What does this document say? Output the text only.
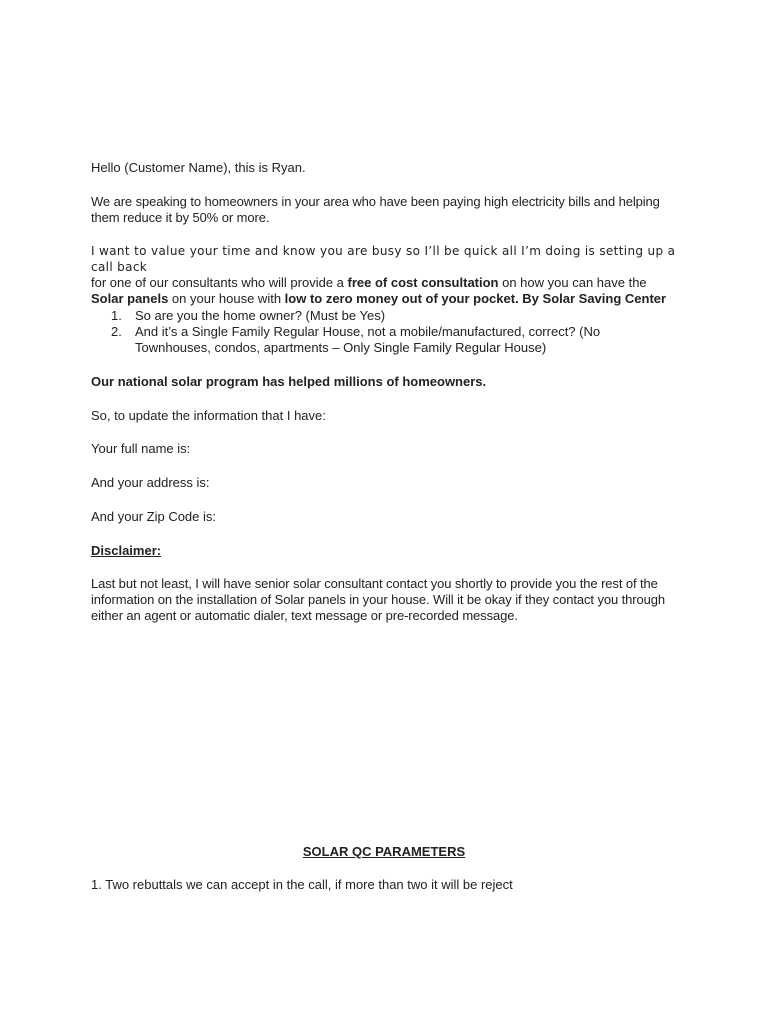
Hello (Customer Name), this is Ryan.

We are speaking to homeowners in your area who have been paying high electricity bills and helping them reduce it by 50% or more.

I want to value your time and know you are busy so I’ll be quick all I’m doing is setting up a call back
for one of our consultants who will provide a free of cost consultation on how you can have the
Solar panels on your house with low to zero money out of your pocket. By Solar Saving Center
1. So are you the home owner? (Must be Yes)
2. And it’s a Single Family Regular House, not a mobile/manufactured, correct? (No Townhouses, condos, apartments – Only Single Family Regular House)

Our national solar program has helped millions of homeowners.

So, to update the information that I have:

Your full name is:

And your address is:

And your Zip Code is:

Disclaimer:

Last but not least, I will have senior solar consultant contact you shortly to provide you the rest of the information on the installation of Solar panels in your house. Will it be okay if they contact you through either an agent or automatic dialer, text message or pre-recorded message.

SOLAR QC PARAMETERS

1. Two rebuttals we can accept in the call, if more than two it will be reject
